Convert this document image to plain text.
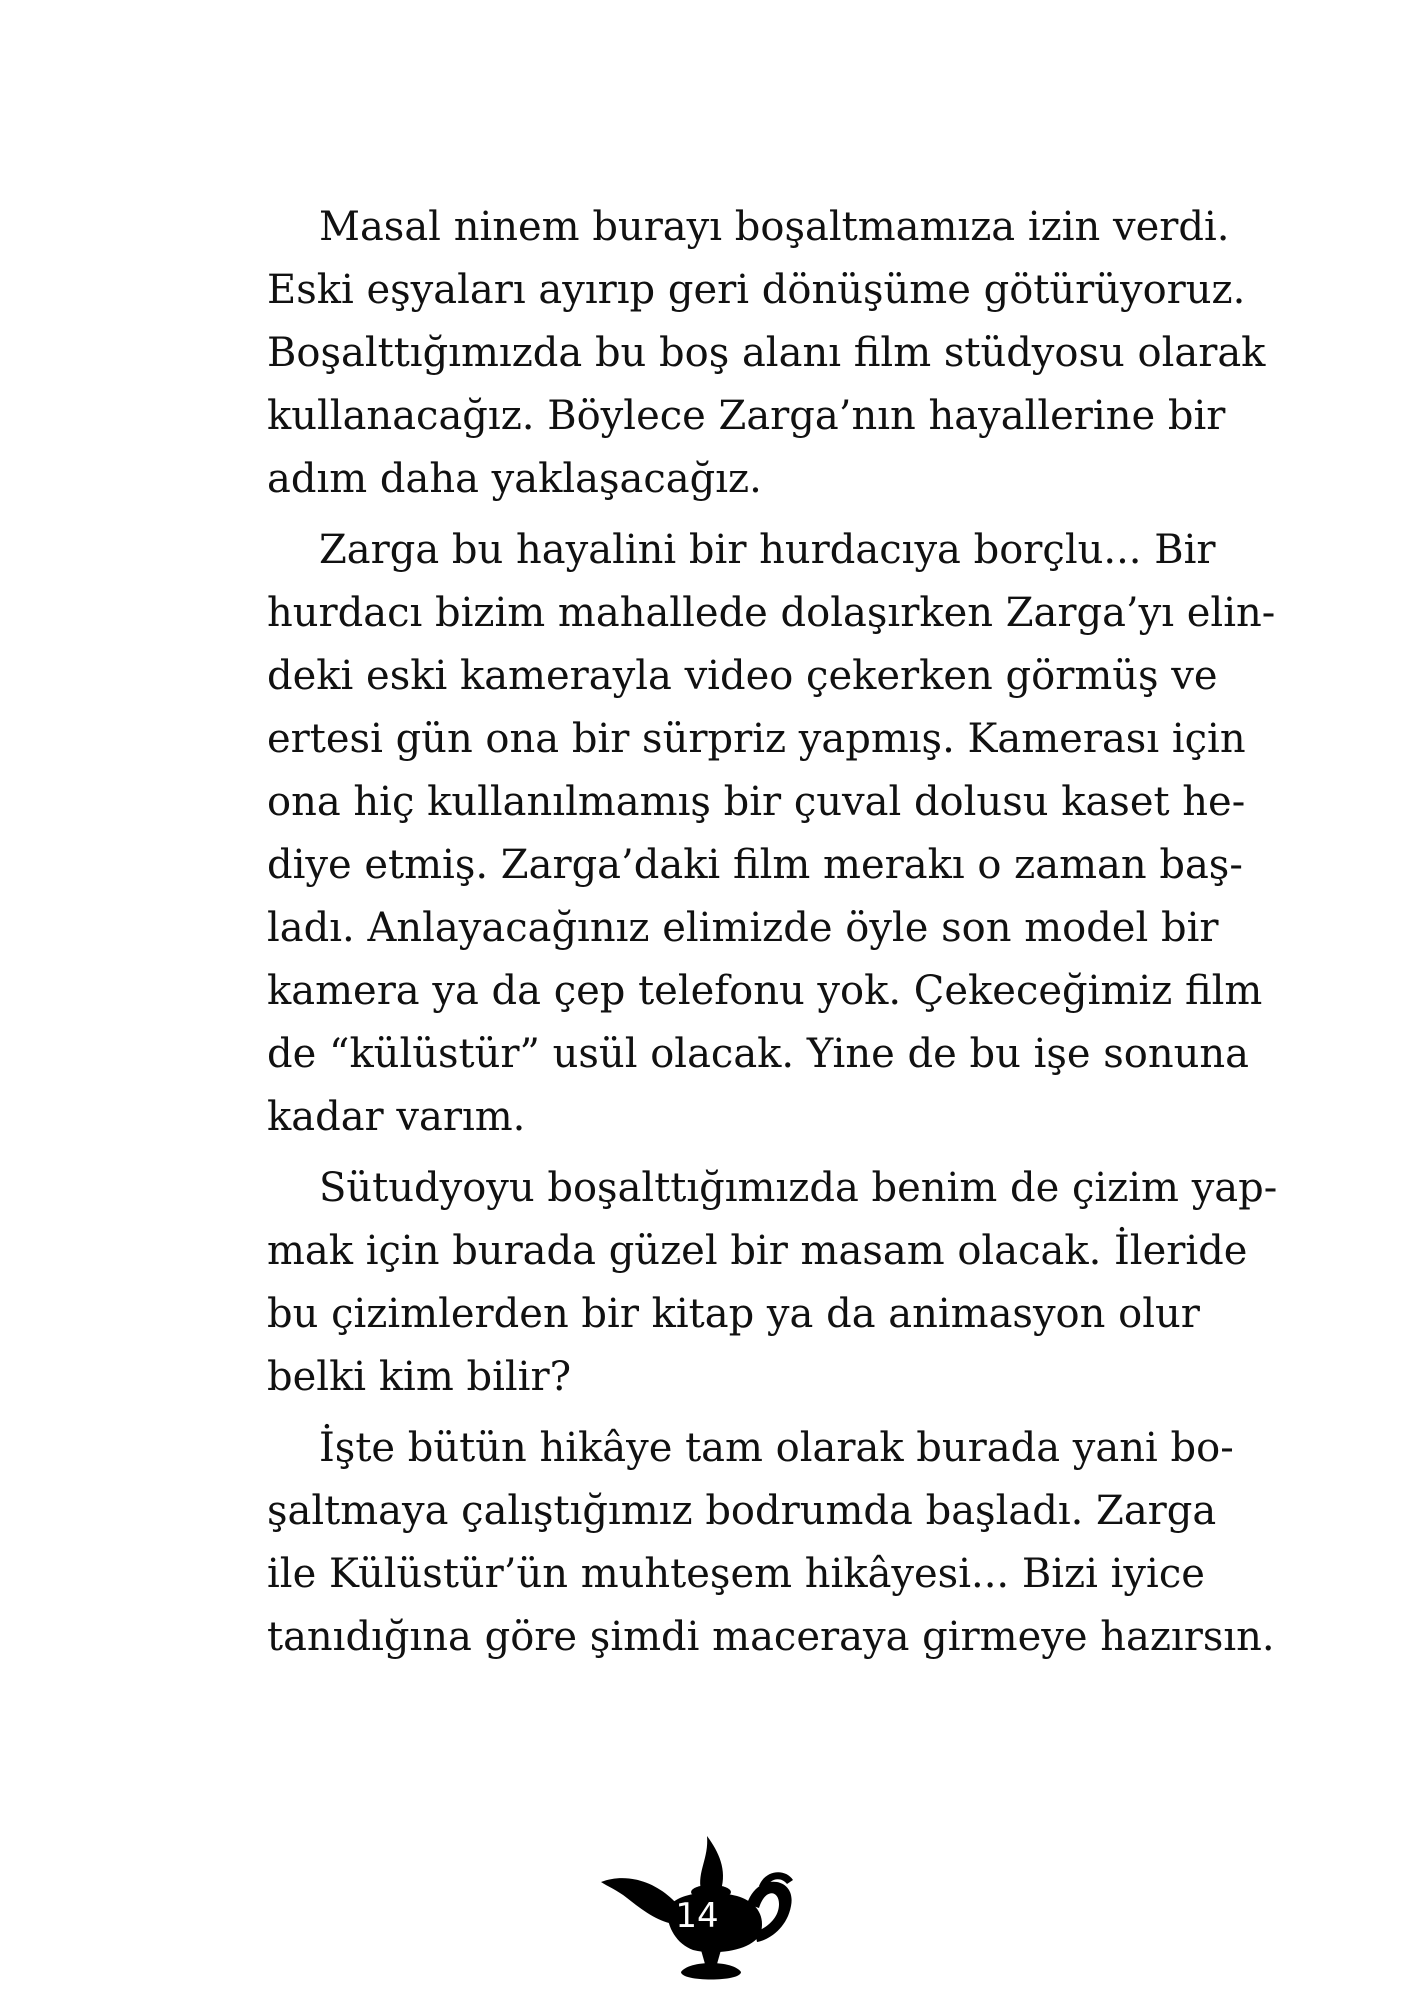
Masal ninem burayı boşaltmamıza izin verdi.
Eski eşyaları ayırıp geri dönüşüme götürüyoruz.
Boşalttığımızda bu boş alanı film stüdyosu olarak
kullanacağız. Böylece Zarga’nın hayallerine bir
adım daha yaklaşacağız.
Zarga bu hayalini bir hurdacıya borçlu... Bir
hurdacı bizim mahallede dolaşırken Zarga’yı elin-
deki eski kamerayla video çekerken görmüş ve
ertesi gün ona bir sürpriz yapmış. Kamerası için
ona hiç kullanılmamış bir çuval dolusu kaset he-
diye etmiş. Zarga’daki film merakı o zaman baş-
ladı. Anlayacağınız elimizde öyle son model bir
kamera ya da çep telefonu yok. Çekeceğimiz film
de “külüstür” usül olacak. Yine de bu işe sonuna
kadar varım.
Sütudyoyu boşalttığımızda benim de çizim yap-
mak için burada güzel bir masam olacak. İleride
bu çizimlerden bir kitap ya da animasyon olur
belki kim bilir?
İşte bütün hikâye tam olarak burada yani bo-
şaltmaya çalıştığımız bodrumda başladı. Zarga
ile Külüstür’ün muhteşem hikâyesi... Bizi iyice
tanıdığına göre şimdi maceraya girmeye hazırsın.
14
